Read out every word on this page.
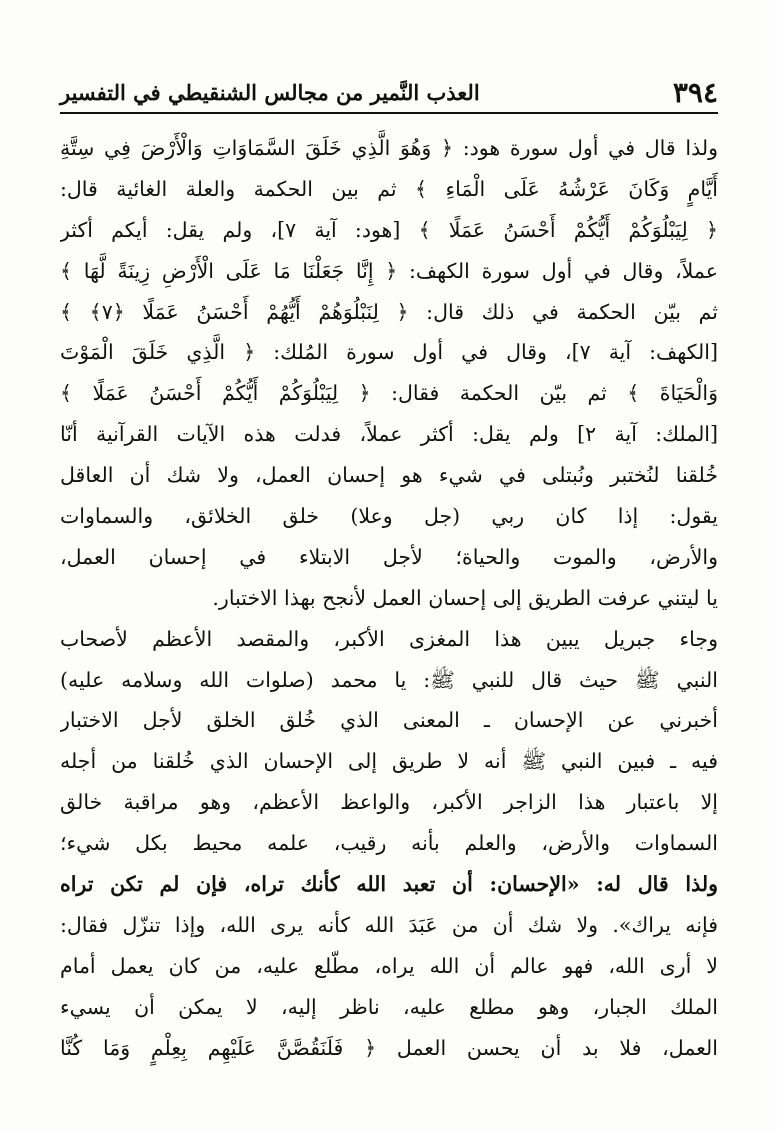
٣٩٤
العذب النَّمير من مجالس الشنقيطي في التفسير
ولذا قال في أول سورة هود: ﴿ وَهُوَ الَّذِي خَلَقَ السَّمَاوَاتِ وَالْأَرْضَ فِي سِتَّةِ
أَيَّامٍ وَكَانَ عَرْشُهُ عَلَى الْمَاءِ ﴾ ثم بين الحكمة والعلة الغائية قال:
﴿ لِيَبْلُوَكُمْ أَيُّكُمْ أَحْسَنُ عَمَلًا ﴾ [هود: آية ٧]، ولم يقل: أيكم أكثر
عملاً، وقال في أول سورة الكهف: ﴿ إِنَّا جَعَلْنَا مَا عَلَى الْأَرْضِ زِينَةً لَّهَا ﴾
ثم بيّن الحكمة في ذلك قال: ﴿ لِنَبْلُوَهُمْ أَيُّهُمْ أَحْسَنُ عَمَلًا ﴿٧﴾ ﴾
[الكهف: آية ٧]، وقال في أول سورة المُلك: ﴿ الَّذِي خَلَقَ الْمَوْتَ
وَالْحَيَاةَ ﴾ ثم بيّن الحكمة فقال: ﴿ لِيَبْلُوَكُمْ أَيُّكُمْ أَحْسَنُ عَمَلًا ﴾
[الملك: آية ٢] ولم يقل: أكثر عملاً، فدلت هذه الآيات القرآنية أنّا
خُلقنا لنُختبر ونُبتلى في شيء هو إحسان العمل، ولا شك أن العاقل
يقول: إذا كان ربي (جل وعلا) خلق الخلائق، والسماوات
والأرض، والموت والحياة؛ لأجل الابتلاء في إحسان العمل،
يا ليتني عرفت الطريق إلى إحسان العمل لأنجح بهذا الاختبار.
وجاء جبريل يبين هذا المغزى الأكبر، والمقصد الأعظم لأصحاب
النبي ﷺ حيث قال للنبي ﷺ: يا محمد (صلوات الله وسلامه عليه)
أخبرني عن الإحسان ـ المعنى الذي خُلق الخلق لأجل الاختبار
فيه ـ فبين النبي ﷺ أنه لا طريق إلى الإحسان الذي خُلقنا من أجله
إلا باعتبار هذا الزاجر الأكبر، والواعظ الأعظم، وهو مراقبة خالق
السماوات والأرض، والعلم بأنه رقيب، علمه محيط بكل شيء؛
ولذا قال له: «الإحسان: أن تعبد الله كأنك تراه، فإن لم تكن تراه
فإنه يراك». ولا شك أن من عَبَدَ الله كأنه يرى الله، وإذا تنزّل فقال:
لا أرى الله، فهو عالم أن الله يراه، مطّلع عليه، من كان يعمل أمام
الملك الجبار، وهو مطلع عليه، ناظر إليه، لا يمكن أن يسيء
العمل، فلا بد أن يحسن العمل ﴿ فَلَنَقُصَّنَّ عَلَيْهِم بِعِلْمٍ وَمَا كُنَّا
